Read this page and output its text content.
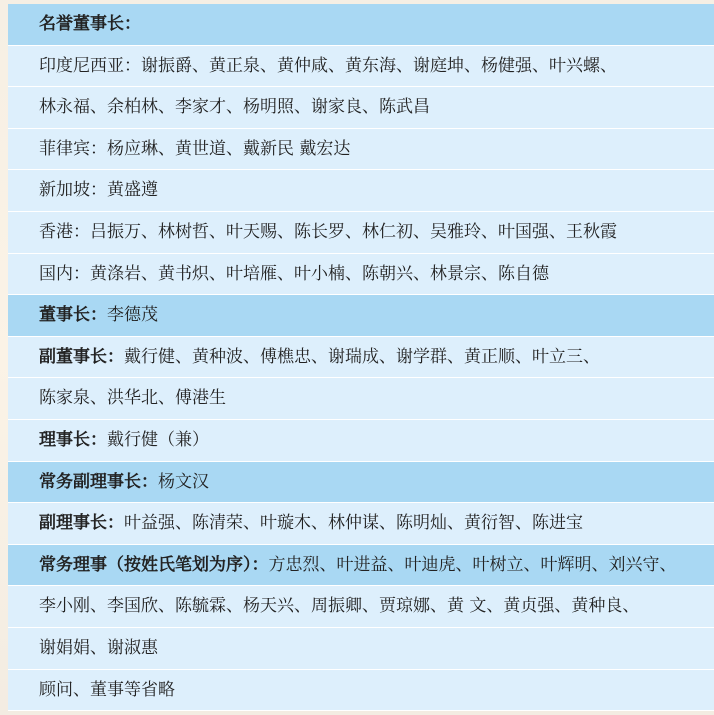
名誉董事长：
印度尼西亚：谢振爵、黄正泉、黄仲咸、黄东海、谢庭坤、杨健强、叶兴螺、
林永福、余柏林、李家才、杨明照、谢家良、陈武昌
菲律宾：杨应琳、黄世道、戴新民 戴宏达
新加坡：黄盛遵
香港：吕振万、林树哲、叶天赐、陈长罗、林仁初、吴雅玲、叶国强、王秋霞
国内：黄涤岩、黄书炽、叶培雁、叶小楠、陈朝兴、林景宗、陈自德
董事长：李德茂
副董事长：戴行健、黄种波、傅樵忠、谢瑞成、谢学群、黄正顺、叶立三、
陈家泉、洪华北、傅港生
理事长：戴行健（兼）
常务副理事长：杨文汉
副理事长：叶益强、陈清荣、叶璇木、林仲谋、陈明灿、黄衍智、陈进宝
常务理事（按姓氏笔划为序）：方忠烈、叶进益、叶迪虎、叶树立、叶辉明、刘兴守、
李小刚、李国欣、陈毓霖、杨天兴、周振卿、贾琼娜、黄 文、黄贞强、黄种良、
谢娟娟、谢淑惠
顾问、董事等省略
